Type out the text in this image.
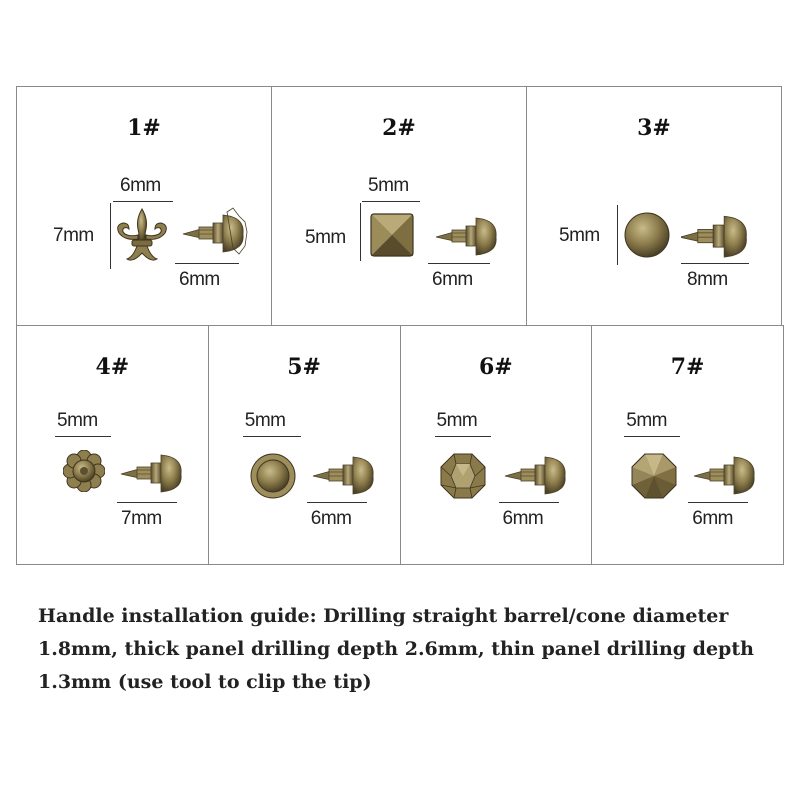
1#
6mm
7mm
6mm
2#
5mm
5mm
6mm
3#
5mm
8mm
4#
5mm
7mm
5#
5mm
6mm
6#
5mm
6mm
7#
5mm
6mm
Handle installation guide: Drilling straight barrel/cone diameter 1.8mm, thick panel drilling depth 2.6mm, thin panel drilling depth 1.3mm (use tool to clip the tip)
